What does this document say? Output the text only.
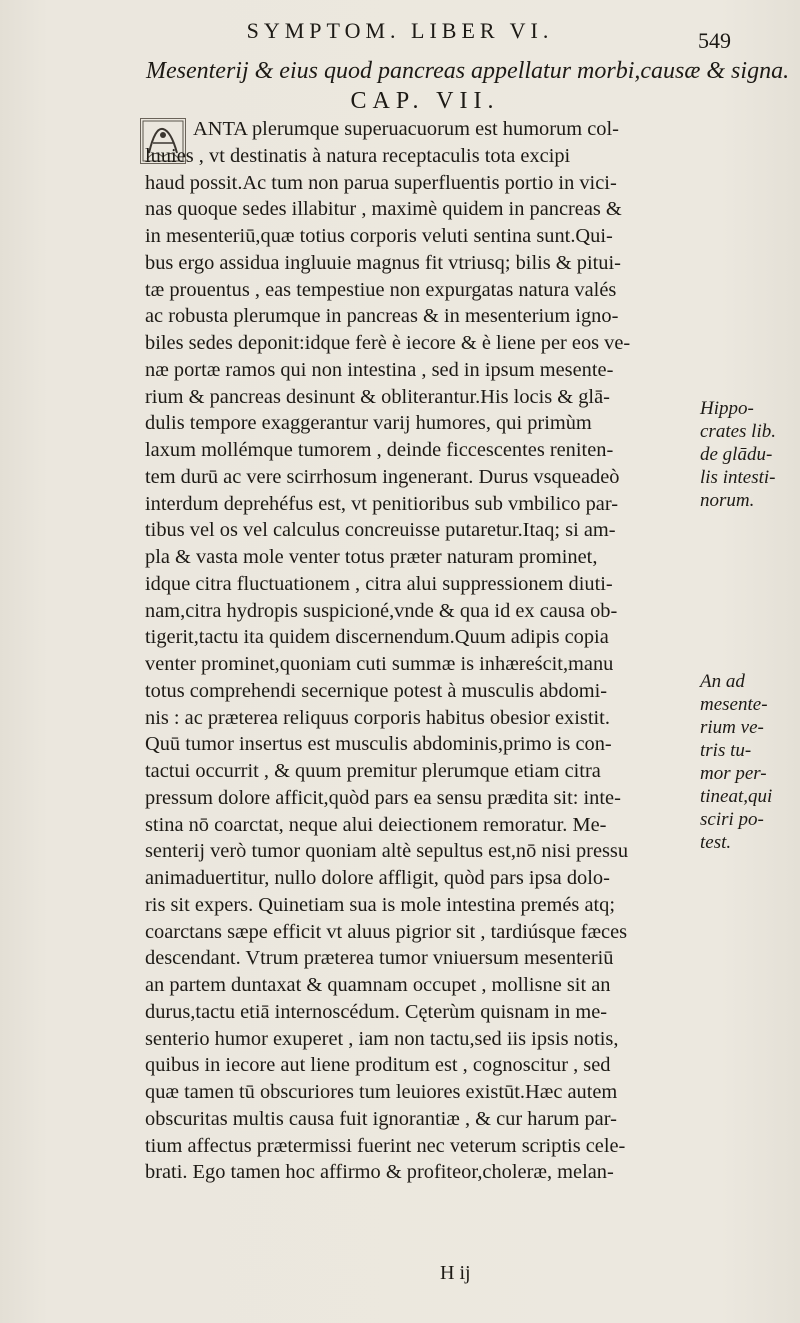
SYMPTOM. LIBER VI.	549
Mesenterij & eius quod pancreas appellatur morbi,causæ & signa.
CAP. VII.
ANTA plerumque superuacuorum est humorum col-
luuies , vt destinatis à natura receptaculis tota excipi
haud possit.Ac tum non parua superfluentis portio in vici-
nas quoque sedes illabitur , maximè quidem in pancreas &
in mesenteriū,quæ totius corporis veluti sentina sunt.Qui-
bus ergo assidua ingluuie magnus fit vtriusq; bilis & pitui-
tæ prouentus , eas tempestiue non expurgatas natura valés
ac robusta plerumque in pancreas & in mesenterium igno-
biles sedes deponit:idque ferè è iecore & è liene per eos ve-
næ portæ ramos qui non intestina , sed in ipsum mesente-
rium & pancreas desinunt & obliterantur.His locis & glā-
dulis tempore exaggerantur varij humores, qui primùm
laxum mollémque tumorem , deinde ficcescentes reniten-
tem durū ac vere scirrhosum ingenerant. Durus vsqueadeò
interdum deprehéfus est, vt penitioribus sub vmbilico par-
tibus vel os vel calculus concreuisse putaretur.Itaq; si am-
pla & vasta mole venter totus præter naturam prominet,
idque citra fluctuationem , citra alui suppressionem diuti-
nam,citra hydropis suspicioné,vnde & qua id ex causa ob-
tigerit,tactu ita quidem discernendum.Quum adipis copia
venter prominet,quoniam cuti summæ is inhæreścit,manu
totus comprehendi secernique potest à musculis abdomi-
nis : ac præterea reliquus corporis habitus obesior existit.
Quū tumor insertus est musculis abdominis,primo is con-
tactui occurrit , & quum premitur plerumque etiam citra
pressum dolore afficit,quòd pars ea sensu prædita sit: inte-
stina nō coarctat, neque alui deiectionem remoratur. Me-
senterij verò tumor quoniam altè sepultus est,nō nisi pressu
animaduertitur, nullo dolore affligit, quòd pars ipsa dolo-
ris sit expers. Quinetiam sua is mole intestina premés atq;
coarctans sæpe efficit vt aluus pigrior sit , tardiúsque fæces
descendant. Vtrum præterea tumor vniuersum mesenteriū
an partem duntaxat & quamnam occupet , mollisne sit an
durus,tactu etiā internoscédum. Cęterùm quisnam in me-
senterio humor exuperet , iam non tactu,sed iis ipsis notis,
quibus in iecore aut liene proditum est , cognoscitur , sed
quæ tamen tū obscuriores tum leuiores existūt.Hæc autem
obscuritas multis causa fuit ignorantiæ , & cur harum par-
tium affectus prætermissi fuerint nec veterum scriptis cele-
brati. Ego tamen hoc affirmo & profiteor,choleræ, melan-
Hippo-
crates lib.
de glādu-
lis intesti-
norum.
An ad
mesente-
rium ve-
tris tu-
mor per-
tineat,qui
sciri po-
test.
H ij
